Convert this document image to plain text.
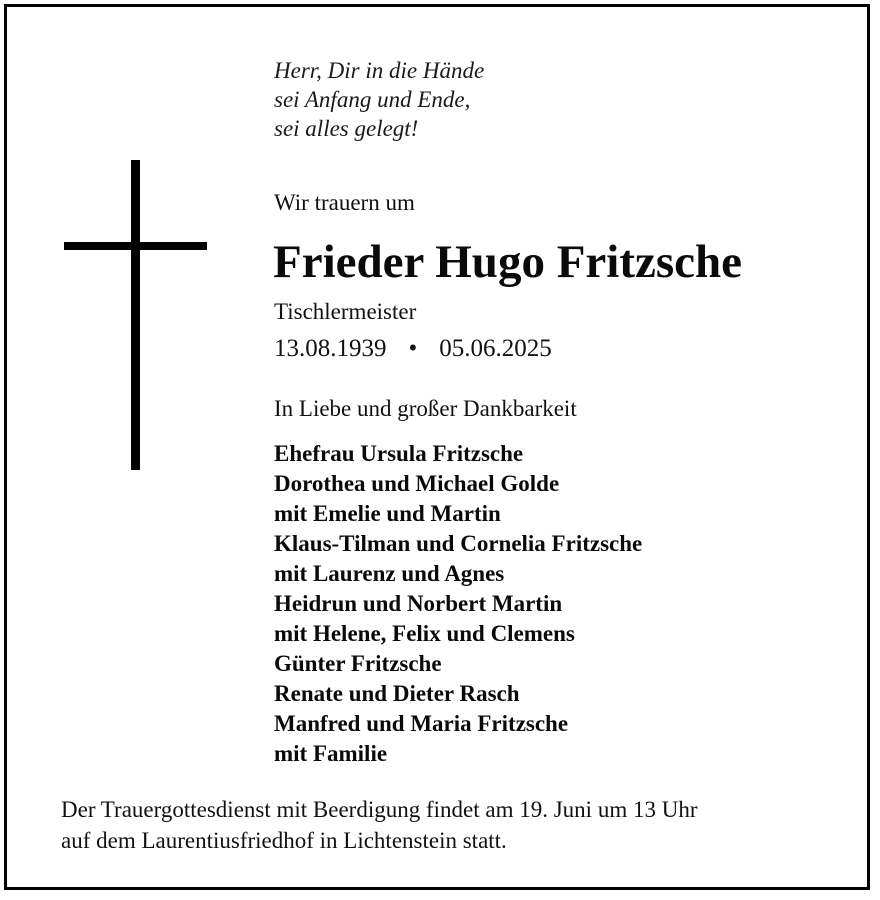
Herr, Dir in die Hände
sei Anfang und Ende,
sei alles gelegt!
Wir trauern um
Frieder Hugo Fritzsche
Tischlermeister
13.08.1939 • 05.06.2025
In Liebe und großer Dankbarkeit
Ehefrau Ursula Fritzsche
Dorothea und Michael Golde
mit Emelie und Martin
Klaus-Tilman und Cornelia Fritzsche
mit Laurenz und Agnes
Heidrun und Norbert Martin
mit Helene, Felix und Clemens
Günter Fritzsche
Renate und Dieter Rasch
Manfred und Maria Fritzsche
mit Familie
Der Trauergottesdienst mit Beerdigung findet am 19. Juni um 13 Uhr
auf dem Laurentiusfriedhof in Lichtenstein statt.
